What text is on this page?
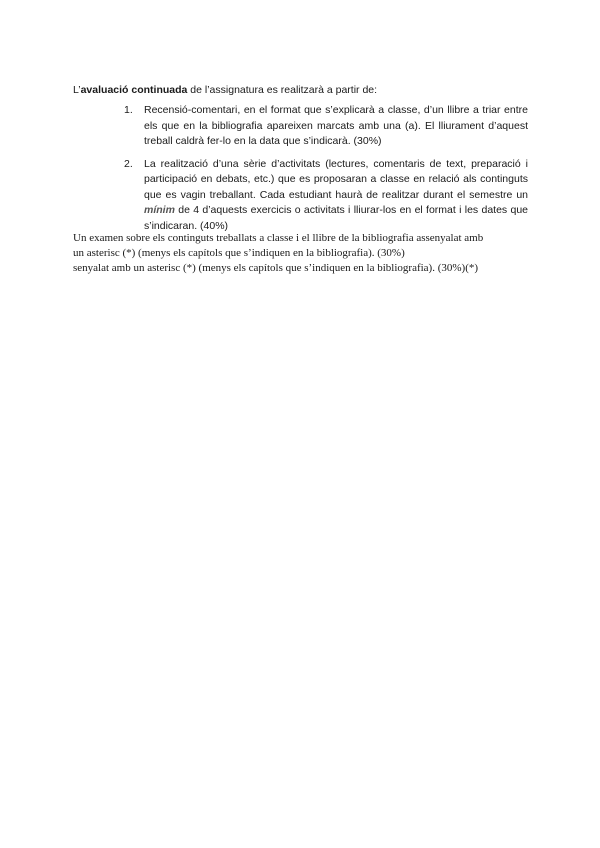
L’avaluació continuada de l’assignatura es realitzarà a partir de:

1. Recensió-comentari, en el format que s’explicarà a classe, d’un llibre a triar entre els que en la bibliografia apareixen marcats amb una (a). El lliurament d’aquest treball caldrà fer-lo en la data que s’indicarà. (30%)
2. La realització d’una sèrie d’activitats (lectures, comentaris de text, preparació i participació en debats, etc.) que es proposaran a classe en relació als continguts que es vagin treballant. Cada estudiant haurà de realitzar durant el semestre un mínim de 4 d’aquests exercicis o activitats i lliurar-los en el format i les dates que s’indicaran. (40%)

Un examen sobre els continguts treballats a classe i el llibre de la bibliografia assenyalat amb

un asterisc (*) (menys els capítols que s’indiquen en la bibliografia). (30%)

senyalat amb un asterisc (*) (menys els capítols que s’indiquen en la bibliografia). (30%)(*)
